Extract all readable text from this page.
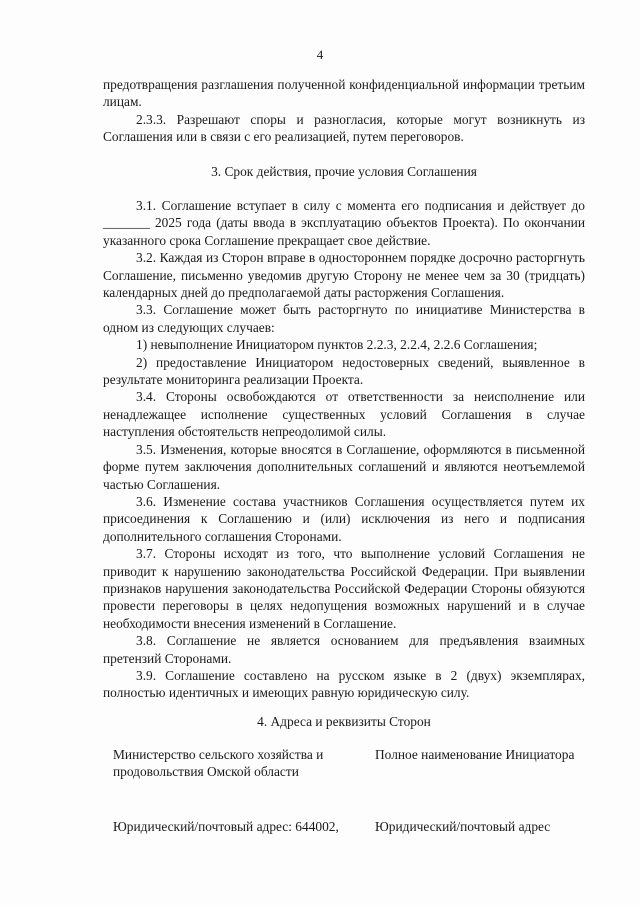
4

предотвращения разглашения полученной конфиденциальной информации третьим лицам.

2.3.3. Разрешают споры и разногласия, которые могут возникнуть из Соглашения или в связи с его реализацией, путем переговоров.

3. Срок действия, прочие условия Соглашения

3.1. Соглашение вступает в силу с момента его подписания и действует до _______ 2025 года (даты ввода в эксплуатацию объектов Проекта). По окончании указанного срока Соглашение прекращает свое действие.

3.2. Каждая из Сторон вправе в одностороннем порядке досрочно расторгнуть Соглашение, письменно уведомив другую Сторону не менее чем за 30 (тридцать) календарных дней до предполагаемой даты расторжения Соглашения.

3.3. Соглашение может быть расторгнуто по инициативе Министерства в одном из следующих случаев:

1) невыполнение Инициатором пунктов 2.2.3, 2.2.4, 2.2.6 Соглашения;

2) предоставление Инициатором недостоверных сведений, выявленное в результате мониторинга реализации Проекта.

3.4. Стороны освобождаются от ответственности за неисполнение или ненадлежащее исполнение существенных условий Соглашения в случае наступления обстоятельств непреодолимой силы.

3.5. Изменения, которые вносятся в Соглашение, оформляются в письменной форме путем заключения дополнительных соглашений и являются неотъемлемой частью Соглашения.

3.6. Изменение состава участников Соглашения осуществляется путем их присоединения к Соглашению и (или) исключения из него и подписания дополнительного соглашения Сторонами.

3.7. Стороны исходят из того, что выполнение условий Соглашения не приводит к нарушению законодательства Российской Федерации. При выявлении признаков нарушения законодательства Российской Федерации Стороны обязуются провести переговоры в целях недопущения возможных нарушений и в случае необходимости внесения изменений в Соглашение.

3.8. Соглашение не является основанием для предъявления взаимных претензий Сторонами.

3.9. Соглашение составлено на русском языке в 2 (двух) экземплярах, полностью идентичных и имеющих равную юридическую силу.

4. Адреса и реквизиты Сторон
Министерство сельского хозяйства и продовольствия Омской области
Полное наименование Инициатора
Юридический/почтовый адрес: 644002,	Юридический/почтовый адрес
